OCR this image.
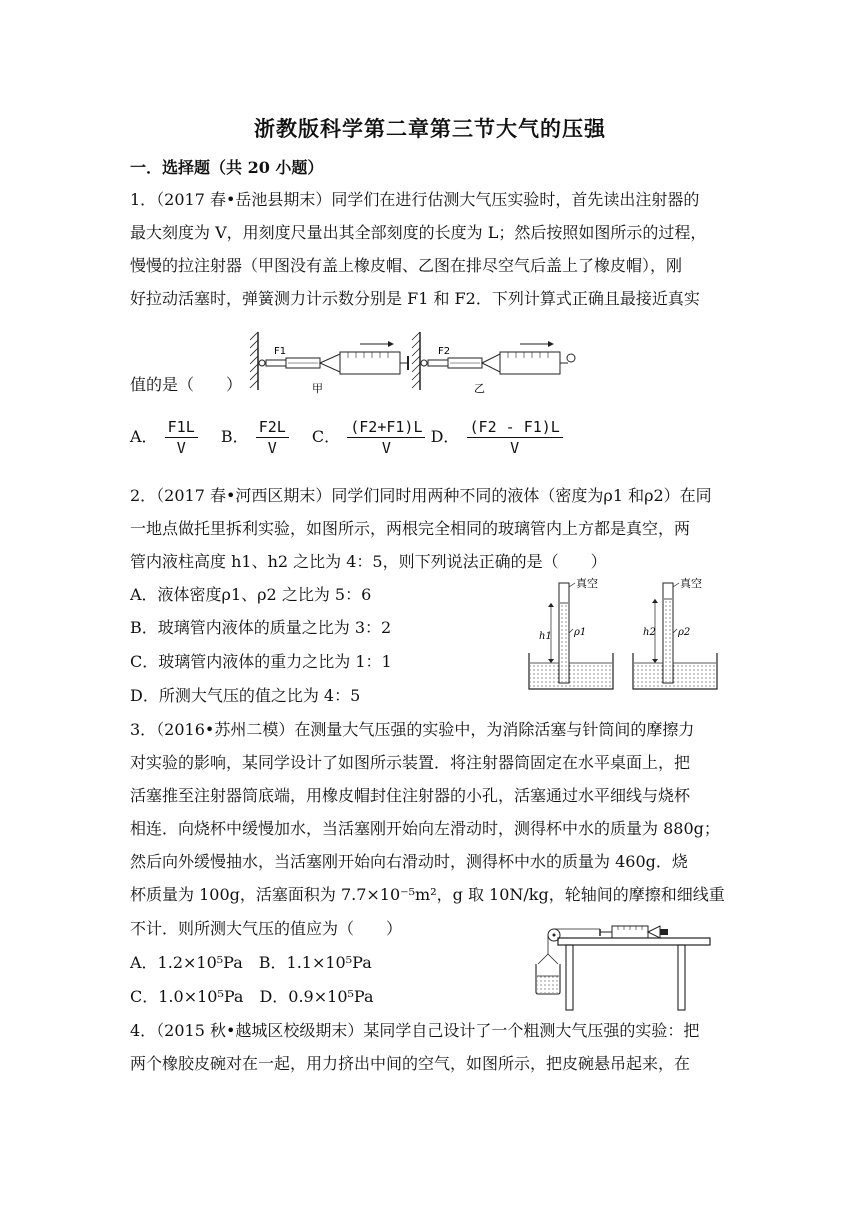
浙教版科学第二章第三节大气的压强
一．选择题（共 20 小题）
1．（2017 春•岳池县期末）同学们在进行估测大气压实验时，首先读出注射器的
最大刻度为 V，用刻度尺量出其全部刻度的长度为 L；然后按照如图所示的过程，
慢慢的拉注射器（甲图没有盖上橡皮帽、乙图在排尽空气后盖上了橡皮帽），刚
好拉动活塞时，弹簧测力计示数分别是 F1 和 F2．下列计算式正确且最接近真实
值的是（　　）
F1
甲
F2
乙
A． $\frac{F1L}{V}$ B． $\frac{F2L}{V}$ C． $\frac{(F2+F1)L}{V}$ D． $\frac{(F2 - F1)L}{V}$
2．（2017 春•河西区期末）同学们同时用两种不同的液体（密度为ρ1 和ρ2）在同
一地点做托里拆利实验，如图所示，两根完全相同的玻璃管内上方都是真空，两
管内液柱高度 h1、h2 之比为 4：5，则下列说法正确的是（　　）
A．液体密度ρ1、ρ2 之比为 5：6
B．玻璃管内液体的质量之比为 3：2
C．玻璃管内液体的重力之比为 1：1
D．所测大气压的值之比为 4：5
真空
h1 ρ1
真空
h2 ρ2
3．（2016•苏州二模）在测量大气压强的实验中，为消除活塞与针筒间的摩擦力
对实验的影响，某同学设计了如图所示装置．将注射器筒固定在水平桌面上，把
活塞推至注射器筒底端，用橡皮帽封住注射器的小孔，活塞通过水平细线与烧杯
相连．向烧杯中缓慢加水，当活塞刚开始向左滑动时，测得杯中水的质量为 880g；
然后向外缓慢抽水，当活塞刚开始向右滑动时，测得杯中水的质量为 460g．烧
杯质量为 100g，活塞面积为 7.7×10⁻⁵m²，g 取 10N/kg，轮轴间的摩擦和细线重
不计．则所测大气压的值应为（　　）
A．1.2×10⁵Pa　B．1.1×10⁵Pa
C．1.0×10⁵Pa　D．0.9×10⁵Pa
4．（2015 秋•越城区校级期末）某同学自己设计了一个粗测大气压强的实验：把
两个橡胶皮碗对在一起，用力挤出中间的空气，如图所示，把皮碗悬吊起来，在
